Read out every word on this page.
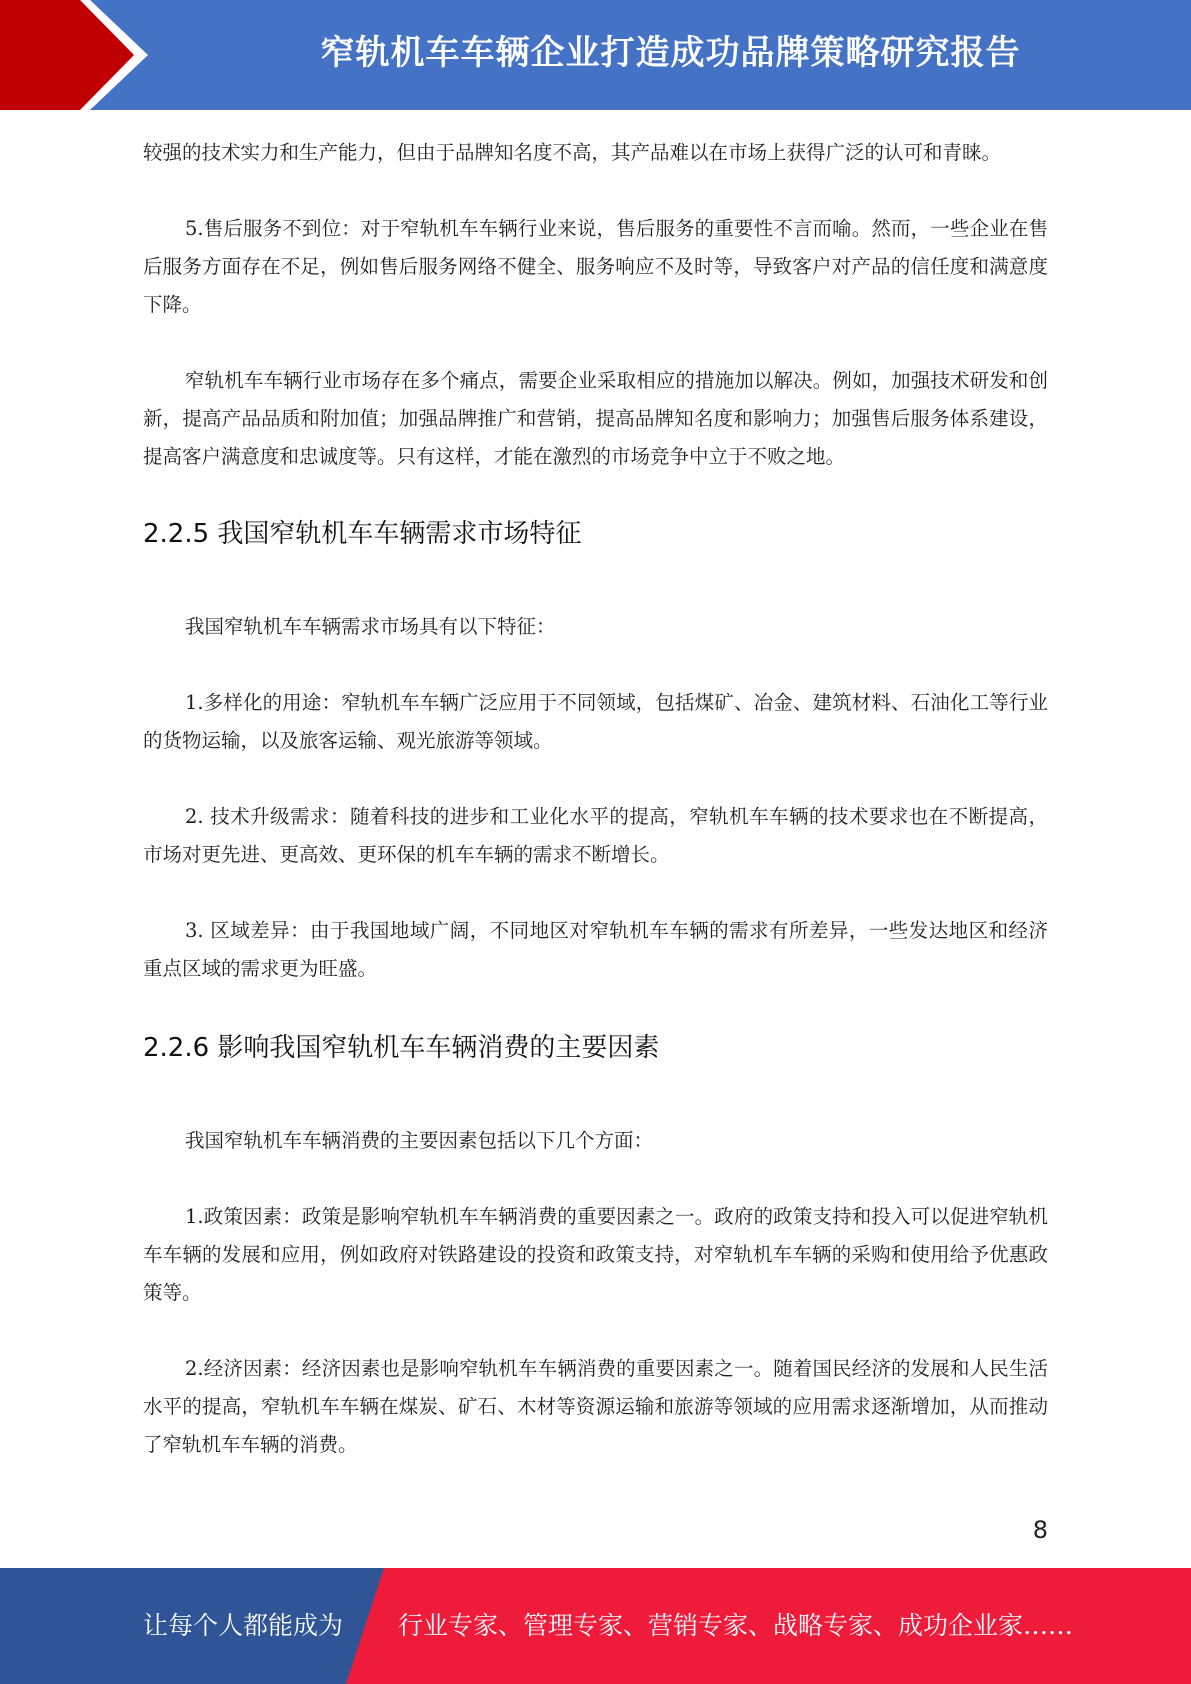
窄轨机车车辆企业打造成功品牌策略研究报告

较强的技术实力和生产能力，但由于品牌知名度不高，其产品难以在市场上获得广泛的认可和青睐。

5.售后服务不到位：对于窄轨机车车辆行业来说，售后服务的重要性不言而喻。然而，一些企业在售后服务方面存在不足，例如售后服务网络不健全、服务响应不及时等，导致客户对产品的信任度和满意度下降。

窄轨机车车辆行业市场存在多个痛点，需要企业采取相应的措施加以解决。例如，加强技术研发和创新，提高产品品质和附加值；加强品牌推广和营销，提高品牌知名度和影响力；加强售后服务体系建设，提高客户满意度和忠诚度等。只有这样，才能在激烈的市场竞争中立于不败之地。

2.2.5 我国窄轨机车车辆需求市场特征

我国窄轨机车车辆需求市场具有以下特征：

1.多样化的用途：窄轨机车车辆广泛应用于不同领域，包括煤矿、冶金、建筑材料、石油化工等行业的货物运输，以及旅客运输、观光旅游等领域。

2. 技术升级需求：随着科技的进步和工业化水平的提高，窄轨机车车辆的技术要求也在不断提高，市场对更先进、更高效、更环保的机车车辆的需求不断增长。

3. 区域差异：由于我国地域广阔，不同地区对窄轨机车车辆的需求有所差异，一些发达地区和经济重点区域的需求更为旺盛。

2.2.6 影响我国窄轨机车车辆消费的主要因素

我国窄轨机车车辆消费的主要因素包括以下几个方面：

1.政策因素：政策是影响窄轨机车车辆消费的重要因素之一。政府的政策支持和投入可以促进窄轨机车车辆的发展和应用，例如政府对铁路建设的投资和政策支持，对窄轨机车车辆的采购和使用给予优惠政策等。

2.经济因素：经济因素也是影响窄轨机车车辆消费的重要因素之一。随着国民经济的发展和人民生活水平的提高，窄轨机车车辆在煤炭、矿石、木材等资源运输和旅游等领域的应用需求逐渐增加，从而推动了窄轨机车车辆的消费。

8
让每个人都能成为 行业专家、管理专家、营销专家、战略专家、成功企业家……
